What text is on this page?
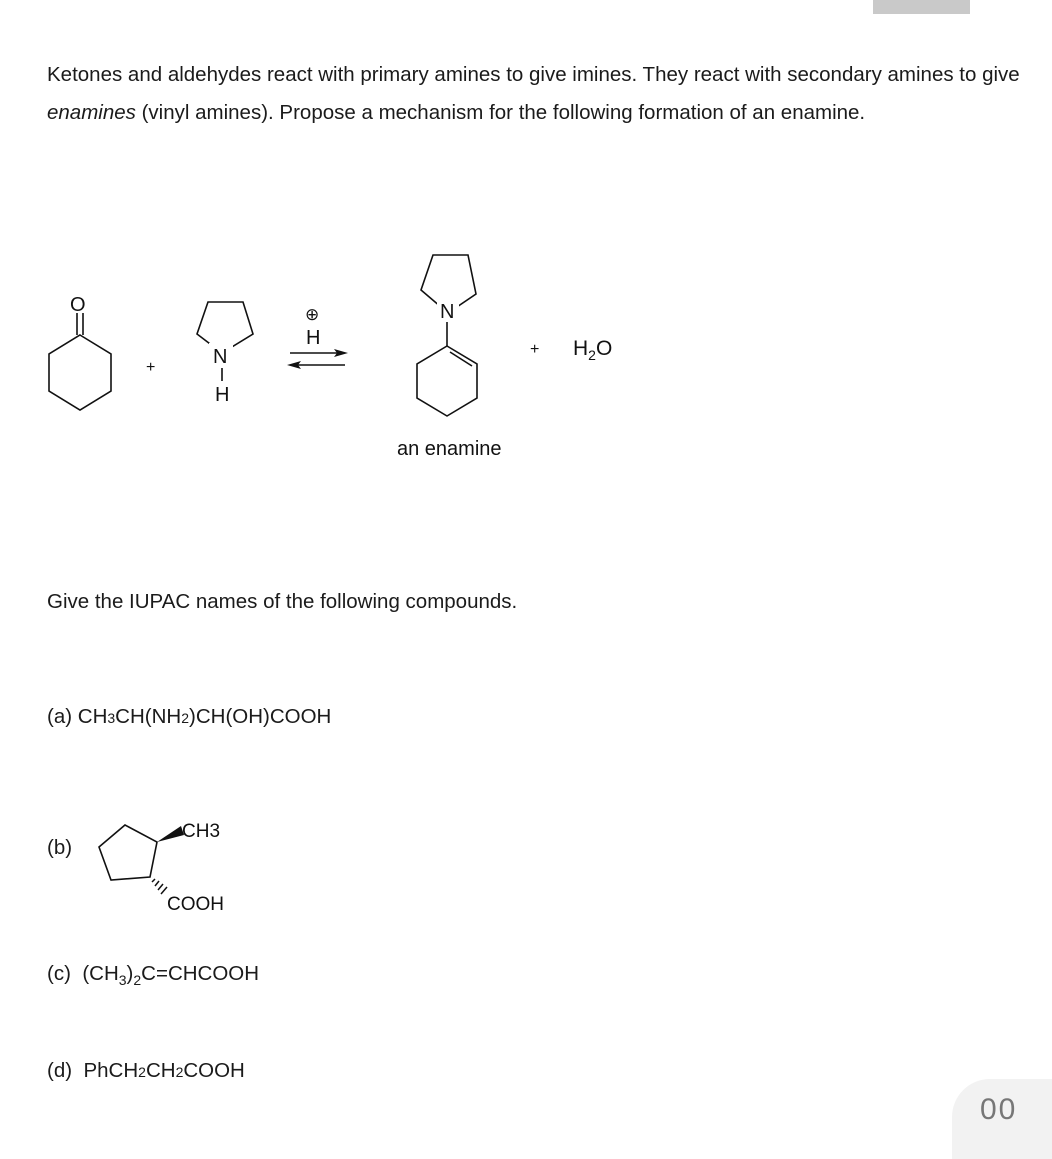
Ketones and aldehydes react with primary amines to give imines. They react with secondary amines to give enamines (vinyl amines). Propose a mechanism for the following formation of an enamine.
O
+	N
H
⊕
H
N
+ $H_2O$
an enamine
Give the IUPAC names of the following compounds.
(a) CH3CH(NH2)CH(OH)COOH
(b)
CH3
COOH
(c) $(CH_3)_2C=CHCOOH$
(d) PhCH2CH2COOH
00
